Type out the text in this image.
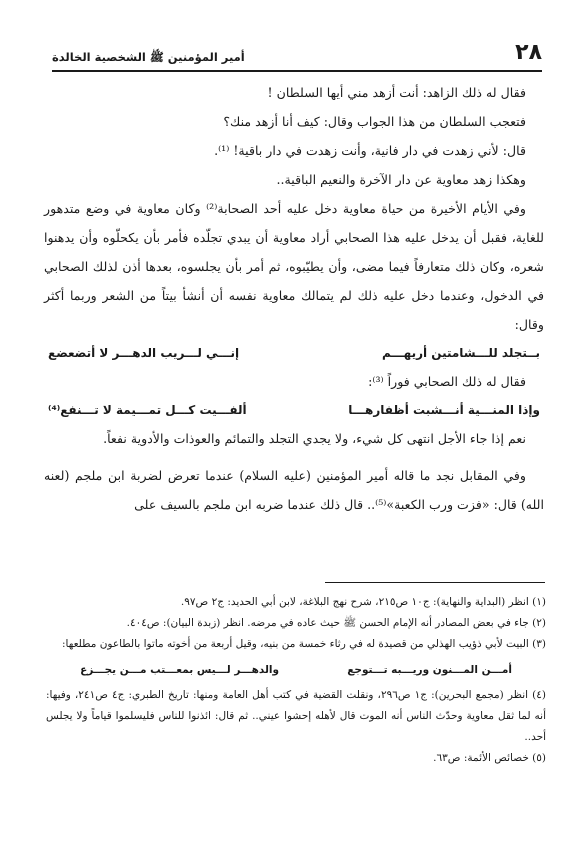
أمير المؤمنين ﷺ الشخصية الخالدة	٢٨

فقال له ذلك الزاهد: أنت أزهد مني أيها السلطان !

فتعجب السلطان من هذا الجواب وقال: كيف أنا أزهد منك؟

قال: لأني زهدت في دار فانية، وأنت زهدت في دار باقية! ⁽¹⁾.

وهكذا زهد معاوية عن دار الآخرة والنعيم الباقية..

وفي الأيام الأخيرة من حياة معاوية دخل عليه أحد الصحابة⁽²⁾ وكان معاوية في وضع متدهور للغاية، فقبل أن يدخل عليه هذا الصحابي أراد معاوية أن يبدي تجلّده فأمر بأن يكحلّوه وأن يدهنوا شعره، وكان ذلك متعارفاً فيما مضى، وأن يطيّبوه، ثم أمر بأن يجلسوه، بعدها أذن لذلك الصحابي في الدخول، وعندما دخل عليه ذلك لم يتمالك معاوية نفسه أن أنشأ بيتاً من الشعر وربما أكثر وقال:

بــتجلد للـــشامتين أريهـــم
إنـــي لـــريب الدهـــر لا أتضعضع

فقال له ذلك الصحابي فوراً ⁽³⁾:

وإذا المنـــية أنـــشبت أظفارهـــا
ألفـــيت كـــل تمـــيمة لا تـــنفع⁽⁴⁾

نعم إذا جاء الأجل انتهى كل شيء، ولا يجدي التجلد والتمائم والعوذات والأدوية نفعاً.

وفي المقابل نجد ما قاله أمير المؤمنين (عليه السلام) عندما تعرض لضربة ابن ملجم (لعنه الله) قال: «فزت ورب الكعبة»⁽⁵⁾.. قال ذلك عندما ضربه ابن ملجم بالسيف على

(١) انظر (البداية والنهاية): ج١٠ ص٢١٥، شرح نهج البلاغة، لابن أبي الحديد: ج٢ ص٩٧.

(٢) جاء في بعض المصادر أنه الإمام الحسن ﷺ حيث عاده في مرضه. انظر (زبدة البيان): ص٤٠٤.

(٣) البيت لأبي ذؤيب الهذلي من قصيدة له في رثاء خمسة من بنيه، وقيل أربعة من أخوته ماتوا بالطاعون مطلعها:

أمـــن المـــنون وريـــبه تـــتوجع
والدهـــر لـــيس بمعـــتب مـــن يجـــزع

(٤) انظر (مجمع البحرين): ج١ ص٢٩٦، ونقلت القضية في كتب أهل العامة ومنها: تاريخ الطبري: ج٤ ص٢٤١، وفيها: أنه لما ثقل معاوية وحدّث الناس أنه الموت قال لأهله إحشوا عيني.. ثم قال: ائذنوا للناس فليسلموا قياماً ولا يجلس أحد..

(٥) خصائص الأئمة: ص٦٣.
